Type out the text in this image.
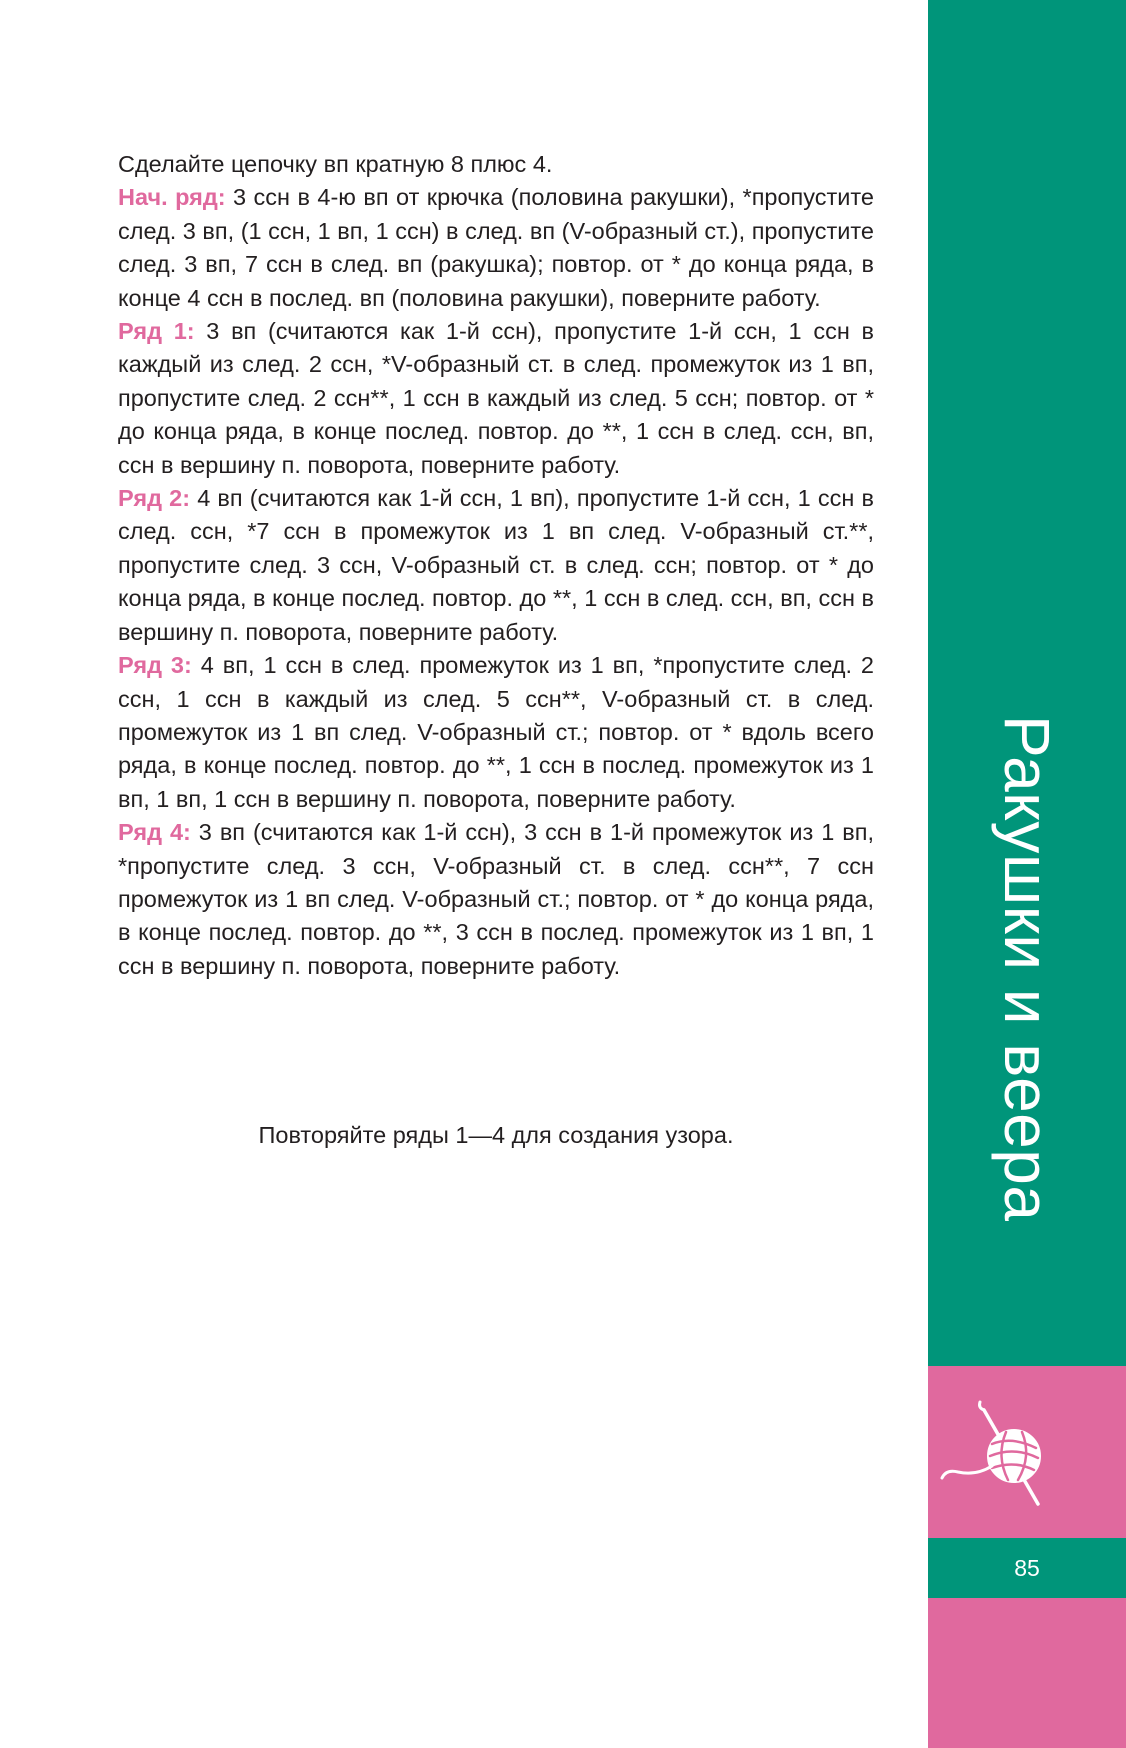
Сделайте цепочку вп кратную 8 плюс 4.

Нач. ряд: 3 ссн в 4-ю вп от крючка (половина ракушки), *пропустите след. 3 вп, (1 ссн, 1 вп, 1 ссн) в след. вп (V-образный ст.), пропустите след. 3 вп, 7 ссн в след. вп (ракушка); повтор. от * до конца ряда, в конце 4 ссн в послед. вп (половина ракушки), поверните работу.

Ряд 1: 3 вп (считаются как 1-й ссн), пропустите 1-й ссн, 1 ссн в каждый из след. 2 ссн, *V-образный ст. в след. промежуток из 1 вп, пропустите след. 2 ссн**, 1 ссн в каждый из след. 5 ссн; повтор. от * до конца ряда, в конце послед. повтор. до **, 1 ссн в след. ссн, вп, ссн в вершину п. поворота, поверните работу.

Ряд 2: 4 вп (считаются как 1-й ссн, 1 вп), пропустите 1-й ссн, 1 ссн в след. ссн, *7 ссн в промежуток из 1 вп след. V-образный ст.**, пропустите след. 3 ссн, V-образный ст. в след. ссн; повтор. от * до конца ряда, в конце послед. повтор. до **, 1 ссн в след. ссн, вп, ссн в вершину п. поворота, поверните работу.

Ряд 3: 4 вп, 1 ссн в след. промежуток из 1 вп, *пропустите след. 2 ссн, 1 ссн в каждый из след. 5 ссн**, V-образный ст. в след. промежуток из 1 вп след. V-образный ст.; повтор. от * вдоль всего ряда, в конце послед. повтор. до **, 1 ссн в послед. промежуток из 1 вп, 1 вп, 1 ссн в вершину п. поворота, поверните работу.

Ряд 4: 3 вп (считаются как 1-й ссн), 3 ссн в 1-й промежуток из 1 вп, *пропустите след. 3 ссн, V-образный ст. в след. ссн**, 7 ссн промежуток из 1 вп след. V-образный ст.; повтор. от * до конца ряда, в конце послед. повтор. до **, 3 ссн в послед. промежуток из 1 вп, 1 ссн в вершину п. поворота, поверните работу.

Повторяйте ряды 1—4 для создания узора.	Ракушки и веера
85
